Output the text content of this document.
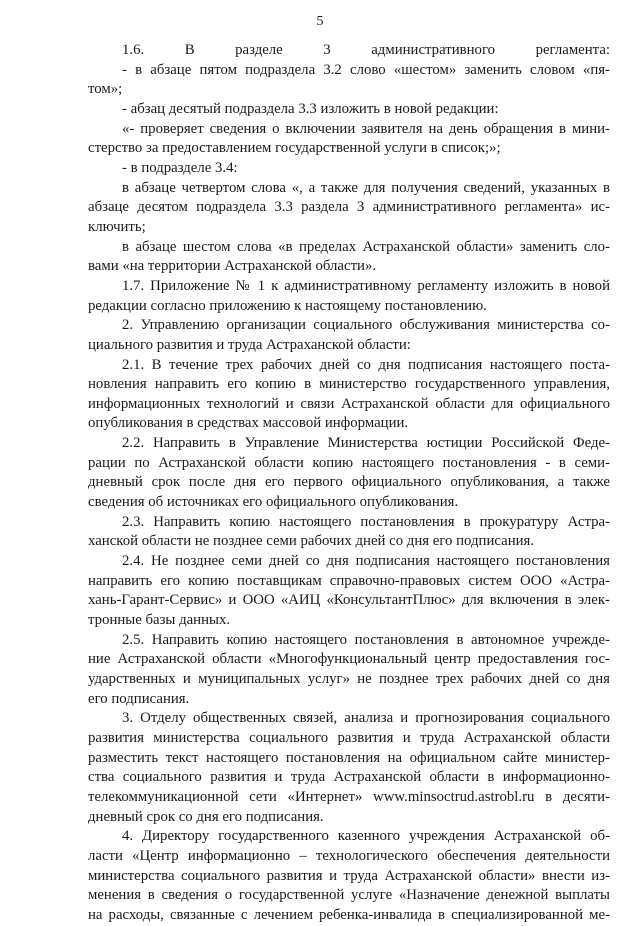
5
1.6. В разделе 3 административного регламента:
- в абзаце пятом подраздела 3.2 слово «шестом» заменить словом «пя-
том»;
- абзац десятый подраздела 3.3 изложить в новой редакции:
«- проверяет сведения о включении заявителя на день обращения в мини-
стерство за предоставлением государственной услуги в список;»;
- в подразделе 3.4:
в абзаце четвертом слова «, а также для получения сведений, указанных в
абзаце десятом подраздела 3.3 раздела 3 административного регламента» ис-
ключить;
в абзаце шестом слова «в пределах Астраханской области» заменить сло-
вами «на территории Астраханской области».
1.7. Приложение № 1 к административному регламенту изложить в новой
редакции согласно приложению к настоящему постановлению.
2. Управлению организации социального обслуживания министерства со-
циального развития и труда Астраханской области:
2.1. В течение трех рабочих дней со дня подписания настоящего поста-
новления направить его копию в министерство государственного управления,
информационных технологий и связи Астраханской области для официального
опубликования в средствах массовой информации.
2.2. Направить в Управление Министерства юстиции Российской Феде-
рации по Астраханской области копию настоящего постановления - в семи-
дневный срок после дня его первого официального опубликования, а также
сведения об источниках его официального опубликования.
2.3. Направить копию настоящего постановления в прокуратуру Астра-
ханской области не позднее семи рабочих дней со дня его подписания.
2.4. Не позднее семи дней со дня подписания настоящего постановления
направить его копию поставщикам справочно-правовых систем ООО «Астра-
хань-Гарант-Сервис» и ООО «АИЦ «КонсультантПлюс» для включения в элек-
тронные базы данных.
2.5. Направить копию настоящего постановления в автономное учрежде-
ние Астраханской области «Многофункциональный центр предоставления гос-
ударственных и муниципальных услуг» не позднее трех рабочих дней со дня
его подписания.
3. Отделу общественных связей, анализа и прогнозирования социального
развития министерства социального развития и труда Астраханской области
разместить текст настоящего постановления на официальном сайте министер-
ства социального развития и труда Астраханской области в информационно-
телекоммуникационной сети «Интернет» www.minsoctrud.astrobl.ru в десяти-
дневный срок со дня его подписания.
4. Директору государственного казенного учреждения Астраханской об-
ласти «Центр информационно – технологического обеспечения деятельности
министерства социального развития и труда Астраханской области» внести из-
менения в сведения о государственной услуге «Назначение денежной выплаты
на расходы, связанные с лечением ребенка-инвалида в специализированной ме-
